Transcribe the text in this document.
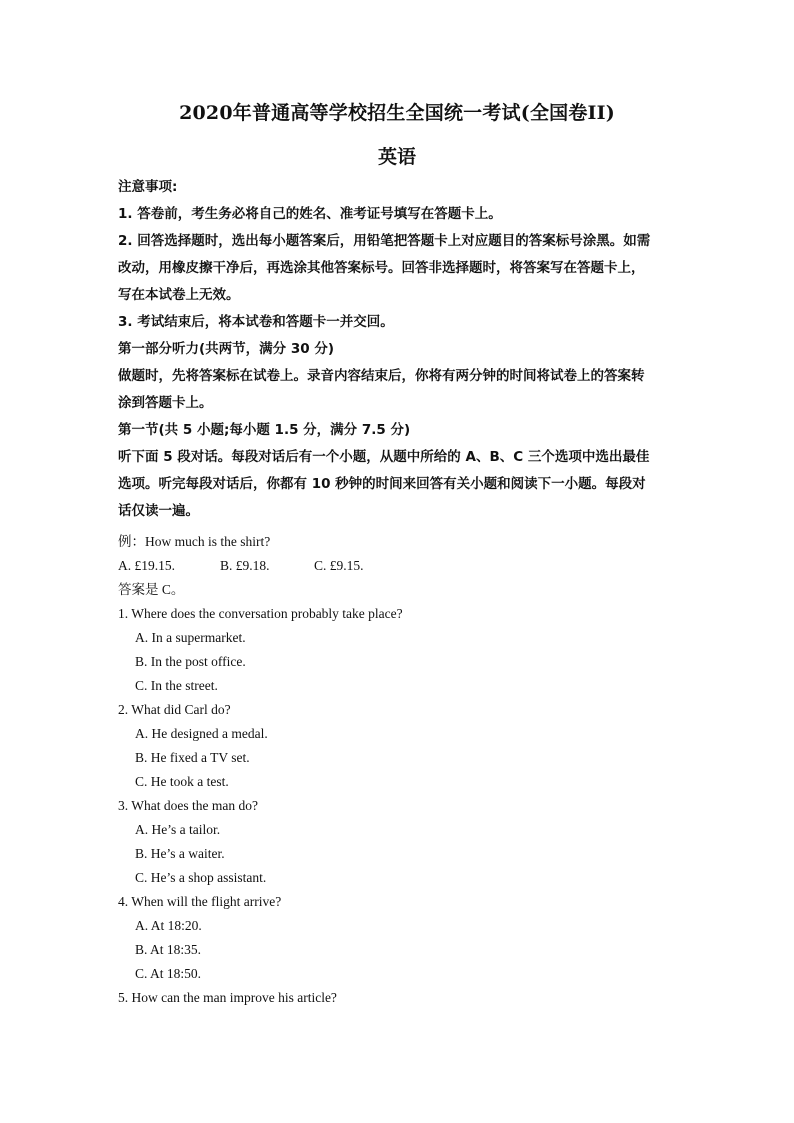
2020年普通高等学校招生全国统一考试(全国卷II)
英语
注意事项:
1. 答卷前，考生务必将自己的姓名、准考证号填写在答题卡上。
2. 回答选择题时，选出每小题答案后，用铅笔把答题卡上对应题目的答案标号涂黑。如需
改动，用橡皮擦干净后，再选涂其他答案标号。回答非选择题时，将答案写在答题卡上，
写在本试卷上无效。
3. 考试结束后，将本试卷和答题卡一并交回。
第一部分听力(共两节，满分 30 分)
做题时，先将答案标在试卷上。录音内容结束后，你将有两分钟的时间将试卷上的答案转
涂到答题卡上。
第一节(共 5 小题;每小题 1.5 分，满分 7.5 分)
听下面 5 段对话。每段对话后有一个小题，从题中所给的 A、B、C 三个选项中选出最佳
选项。听完每段对话后，你都有 10 秒钟的时间来回答有关小题和阅读下一小题。每段对
话仅读一遍。
例：How much is the shirt?
A. £19.15.	B. £9.18.	C. £9.15.
答案是 C。
1. Where does the conversation probably take place?
A. In a supermarket.
B. In the post office.
C. In the street.
2. What did Carl do?
A. He designed a medal.
B. He fixed a TV set.
C. He took a test.
3. What does the man do?
A. He’s a tailor.
B. He’s a waiter.
C. He’s a shop assistant.
4. When will the flight arrive?
A. At 18:20.
B. At 18:35.
C. At 18:50.
5. How can the man improve his article?
